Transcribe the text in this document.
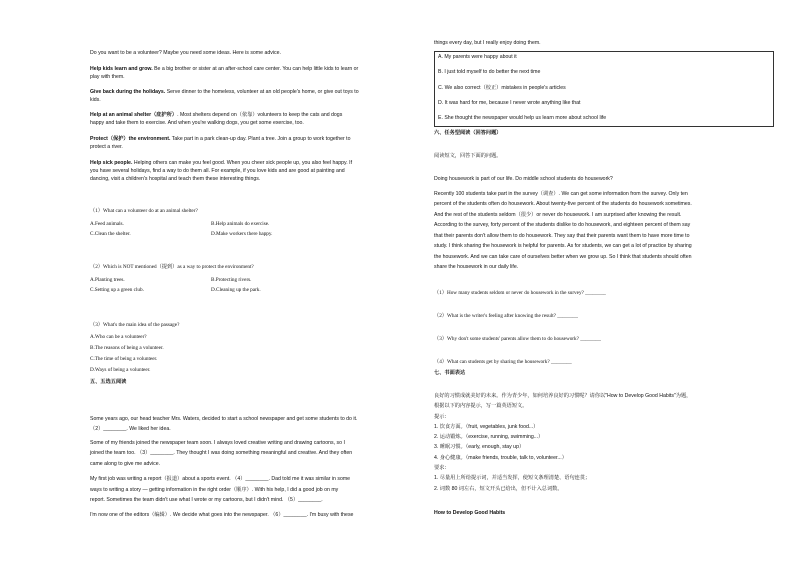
Do you want to be a volunteer? Maybe you need some ideas. Here is some advice.

Help kids learn and grow. Be a big brother or sister at an after-school care center. You can help little kids to learn or

play with them.

Give back during the holidays. Serve dinner to the homeless, volunteer at an old people's home, or give out toys to

kids.

Help at an animal shelter（庇护所）. Most shelters depend on（依靠）volunteers to keep the cats and dogs

happy and take them to exercise. And when you're walking dogs, you get some exercise, too.

Protect（保护）the environment. Take part in a park clean-up day. Plant a tree. Join a group to work together to

protect a river.

Help sick people. Helping others can make you feel good. When you cheer sick people up, you also feel happy. If

you have several holidays, find a way to do them all. For example, if you love kids and are good at painting and

dancing, visit a children's hospital and teach them these interesting things.

（1）What can a volunteer do at an animal shelter?

A.Feed animals.	B.Help animals do exercise.

C.Clean the shelter.	D.Make workers there happy.

（2）Which is NOT mentioned（提到）as a way to protect the environment?

A.Planting trees.	B.Protecting rivers.

C.Setting up a green club.	D.Cleaning up the park.

（3）What's the main idea of the passage?

A.Who can be a volunteer?

B.The reasons of being a volunteer.

C.The time of being a volunteer.

D.Ways of being a volunteer.

五、五选五阅读

Some years ago, our head teacher Mrs. Waters, decided to start a school newspaper and get some students to do it.

（2）________. We liked her idea.

Some of my friends joined the newspaper team soon. I always loved creative writing and drawing cartoons, so I

joined the team too. （3）________. They thought I was doing something meaningful and creative. And they often

came along to give me advice.

My first job was writing a report（报道）about a sports event. （4）________. Dad told me it was similar in some

ways to writing a story — getting information in the right order（顺序）. With his help, I did a good job on my

report. Sometimes the team didn't use what I wrote or my cartoons, but I didn't mind. （5）________.

I'm now one of the editors（编辑）. We decide what goes into the newspaper. （6）________. I'm busy with these

things every day, but I really enjoy doing them.

A. My parents were happy about it

B. I just told myself to do better the next time

C. We also correct（校正）mistakes in people's articles

D. It was hard for me, because I never wrote anything like that

E. She thought the newspaper would help us learn more about school life

六、任务型阅读（回答问题）

阅读短文，回答下面的问题。

Doing housework is part of our life. Do middle school students do housework?

Recently 100 students take part in the survey（调查）. We can get some information from the survey. Only ten

percent of the students often do housework. About twenty-five percent of the students do housework sometimes.

And the rest of the students seldom（很少）or never do housework. I am surprised after knowing the result.

According to the survey, forty percent of the students dislike to do housework, and eighteen percent of them say

that their parents don't allow them to do housework. They say that their parents want them to have more time to

study. I think sharing the housework is helpful for parents. As for students, we can get a lot of practice by sharing

the housework. And we can take care of ourselves better when we grow up. So I think that students should often

share the housework in our daily life.

（1）How many students seldom or never do housework in the survey? ________

（2）What is the writer's feeling after knowing the result? ________

（3）Why don't some students' parents allow them to do housework? ________

（4）What can students get by sharing the housework? ________

七、书面表达

良好的习惯成就美好的未来。作为青少年，如何培养良好的习惯呢？请你以"How to Develop Good Habits"为题，

根据以下的内容提示，写一篇英语短文。

提示：

1. 饮食方面。（fruit, vegetables, junk food...）

2. 运动锻炼。（exercise, running, swimming...）

3. 睡眠习惯。（early, enough, stay up）

4. 身心健康。（make friends, trouble, talk to, volunteer...）

要求：

1. 尽量用上所给提示词，并适当发挥，使短文条理清楚、语句连贯；

2. 词数 80 词左右，短文开头已给出，但不计入总词数。

How to Develop Good Habits
